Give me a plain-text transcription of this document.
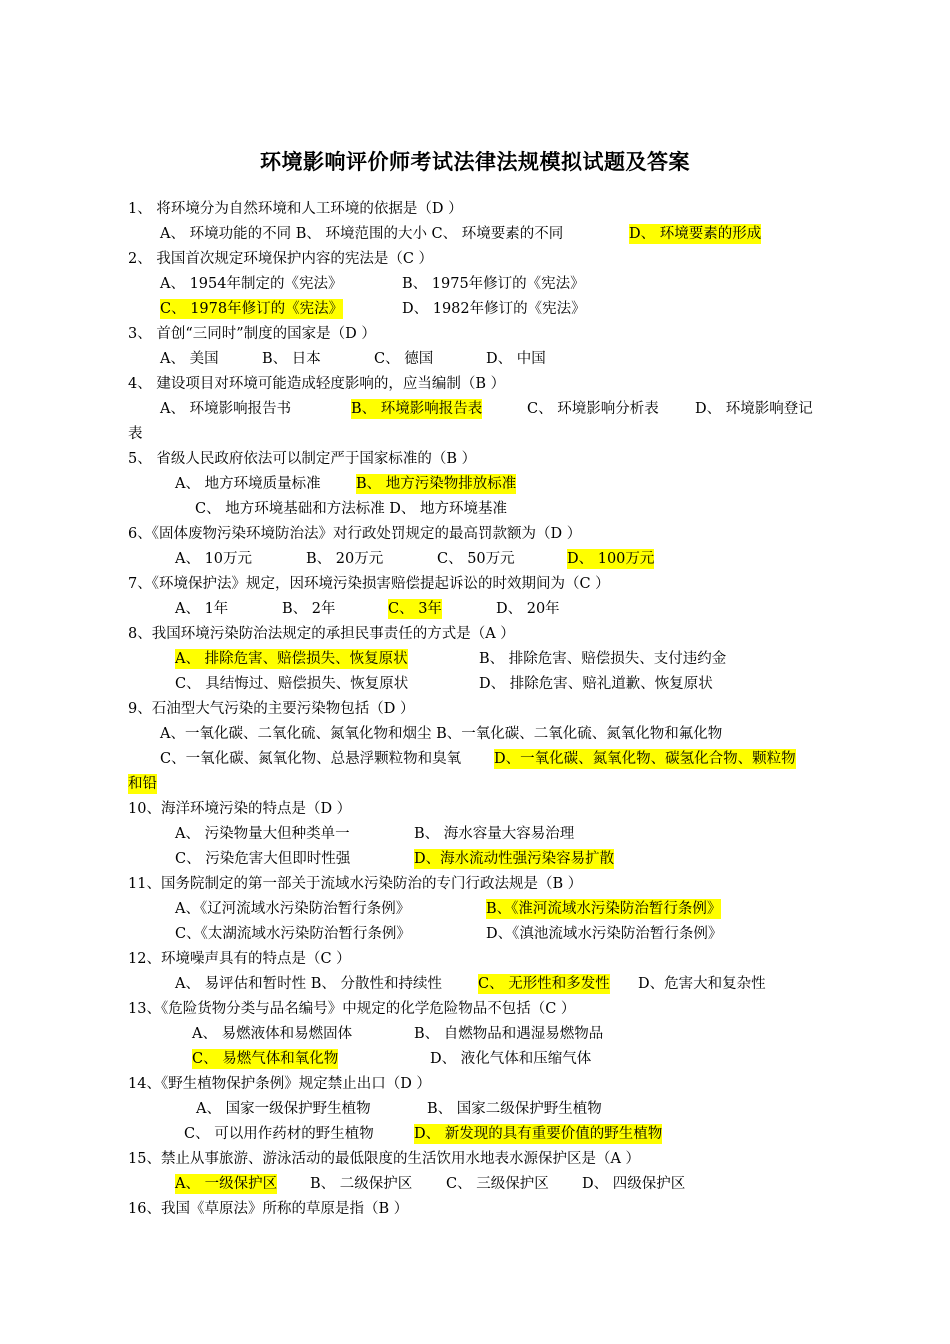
环境影响评价师考试法律法规模拟试题及答案
1、 将环境分为自然环境和人工环境的依据是（D ）
A、 环境功能的不同 B、 环境范围的大小 C、 环境要素的不同	D、 环境要素的形成
2、 我国首次规定环境保护内容的宪法是（C ）
A、 1954年制定的《宪法》	B、 1975年修订的《宪法》
C、 1978年修订的《宪法》	D、 1982年修订的《宪法》
3、 首创“三同时”制度的国家是（D ）
A、 美国	B、 日本	C、 德国	D、 中国
4、 建设项目对环境可能造成轻度影响的，应当编制（B ）
A、 环境影响报告书	B、 环境影响报告表	C、 环境影响分析表	D、 环境影响登记
表
5、 省级人民政府依法可以制定严于国家标准的（B ）
A、 地方环境质量标准 B、 地方污染物排放标准
C、 地方环境基础和方法标准 D、 地方环境基准
6、《固体废物污染环境防治法》对行政处罚规定的最高罚款额为（D ）
A、 10万元	B、 20万元	C、 50万元	D、 100万元
7、《环境保护法》规定，因环境污染损害赔偿提起诉讼的时效期间为（C ）
A、 1年	B、 2年	C、 3年	D、 20年
8、我国环境污染防治法规定的承担民事责任的方式是（A ）
A、 排除危害、赔偿损失、恢复原状	B、 排除危害、赔偿损失、支付违约金
C、 具结悔过、赔偿损失、恢复原状	D、 排除危害、赔礼道歉、恢复原状
9、石油型大气污染的主要污染物包括（D ）
A、一氧化碳、二氧化硫、氮氧化物和烟尘 B、一氧化碳、二氧化硫、氮氧化物和氟化物
C、一氧化碳、氮氧化物、总悬浮颗粒物和臭氧 D、一氧化碳、氮氧化物、碳氢化合物、颗粒物
和铅
10、海洋环境污染的特点是（D ）
A、 污染物量大但种类单一	B、 海水容量大容易治理
C、 污染危害大但即时性强	D、海水流动性强污染容易扩散
11、国务院制定的第一部关于流域水污染防治的专门行政法规是（B ）
A、《辽河流域水污染防治暂行条例》	B、《淮河流域水污染防治暂行条例》
C、《太湖流域水污染防治暂行条例》	D、《滇池流域水污染防治暂行条例》
12、环境噪声具有的特点是（C ）
A、 易评估和暂时性 B、 分散性和持续性 C、 无形性和多发性 D、危害大和复杂性
13、《危险货物分类与品名编号》中规定的化学危险物品不包括（C ）
A、 易燃液体和易燃固体	B、 自燃物品和遇湿易燃物品
C、 易燃气体和氧化物	D、 液化气体和压缩气体
14、《野生植物保护条例》规定禁止出口（D ）
A、 国家一级保护野生植物	B、 国家二级保护野生植物
C、 可以用作药材的野生植物	D、 新发现的具有重要价值的野生植物
15、禁止从事旅游、游泳活动的最低限度的生活饮用水地表水源保护区是（A ）
A、 一级保护区 B、 二级保护区 C、 三级保护区 D、 四级保护区
16、我国《草原法》所称的草原是指（B ）
